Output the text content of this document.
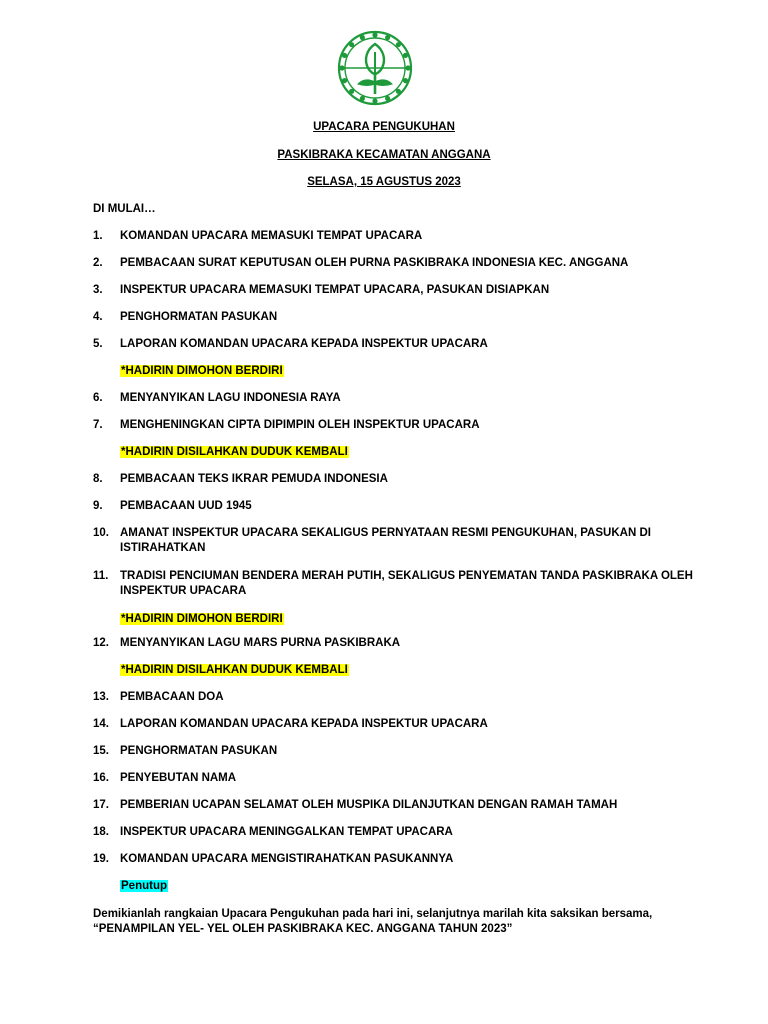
UPACARA PENGUKUHAN
PASKIBRAKA KECAMATAN ANGGANA
SELASA, 15 AGUSTUS 2023
DI MULAI…
1.	KOMANDAN UPACARA MEMASUKI TEMPAT UPACARA
2.	PEMBACAAN SURAT KEPUTUSAN OLEH PURNA PASKIBRAKA INDONESIA KEC. ANGGANA
3.	INSPEKTUR UPACARA MEMASUKI TEMPAT UPACARA, PASUKAN DISIAPKAN
4.	PENGHORMATAN PASUKAN
5.	LAPORAN KOMANDAN UPACARA KEPADA INSPEKTUR UPACARA
*HADIRIN DIMOHON BERDIRI
6.	MENYANYIKAN LAGU INDONESIA RAYA
7.	MENGHENINGKAN CIPTA DIPIMPIN OLEH INSPEKTUR UPACARA
*HADIRIN DISILAHKAN DUDUK KEMBALI
8.	PEMBACAAN TEKS IKRAR PEMUDA INDONESIA
9.	PEMBACAAN UUD 1945
10. AMANAT INSPEKTUR UPACARA SEKALIGUS PERNYATAAN RESMI PENGUKUHAN, PASUKAN DI ISTIRAHATKAN
11.	TRADISI PENCIUMAN BENDERA MERAH PUTIH, SEKALIGUS PENYEMATAN TANDA PASKIBRAKA OLEH INSPEKTUR UPACARA
*HADIRIN DIMOHON BERDIRI
12. MENYANYIKAN LAGU MARS PURNA PASKIBRAKA
*HADIRIN DISILAHKAN DUDUK KEMBALI
13. PEMBACAAN DOA
14. LAPORAN KOMANDAN UPACARA KEPADA INSPEKTUR UPACARA
15. PENGHORMATAN PASUKAN
16. PENYEBUTAN NAMA
17. PEMBERIAN UCAPAN SELAMAT OLEH MUSPIKA DILANJUTKAN DENGAN RAMAH TAMAH
18. INSPEKTUR UPACARA MENINGGALKAN TEMPAT UPACARA
19. KOMANDAN UPACARA MENGISTIRAHATKAN PASUKANNYA
Penutup
Demikianlah rangkaian Upacara Pengukuhan pada hari ini, selanjutnya marilah kita saksikan bersama,
“PENAMPILAN YEL- YEL OLEH PASKIBRAKA KEC. ANGGANA TAHUN 2023”
